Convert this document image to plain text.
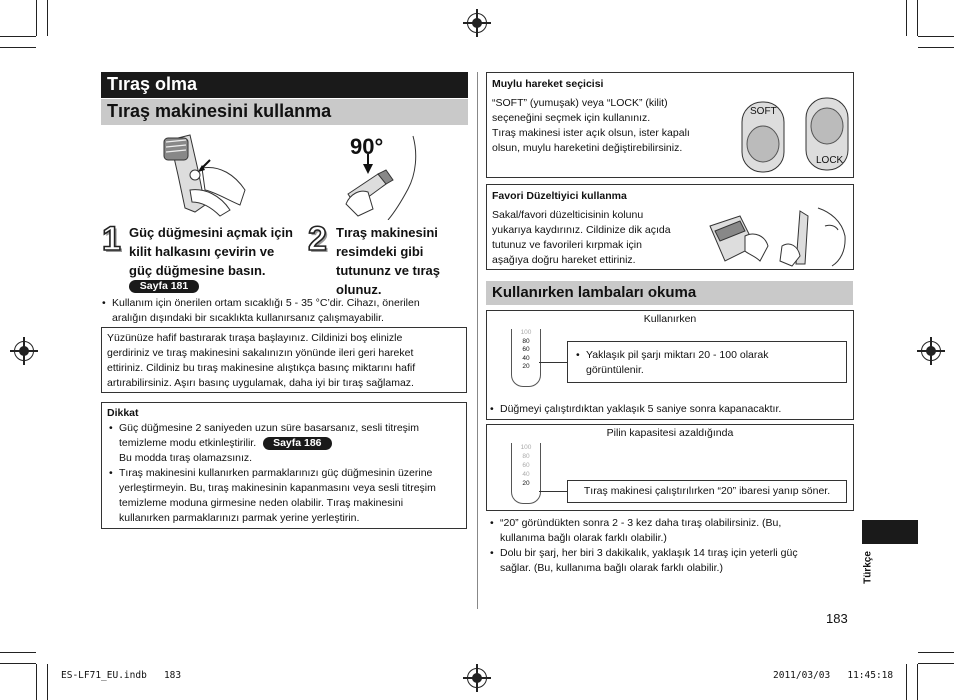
Tıraş olma
Tıraş makinesini kullanma
90°
1 Güç düğmesini açmak için
kilit halkasını çevirin ve
güç düğmesine basın.
Sayfa 181
2 Tıraş makinesini
resimdeki gibi
tutununz ve tıraş
olunuz.
• Kullanım için önerilen ortam sıcaklığı 5 - 35 °C’dir. Cihazı, önerilen
aralığın dışındaki bir sıcaklıkta kullanırsanız çalışmayabilir.
Yüzünüze hafif bastırarak tıraşa başlayınız. Cildinizi boş elinizle
gerdiriniz ve tıraş makinesini sakalınızın yönünde ileri geri hareket
ettiriniz. Cildiniz bu tıraş makinesine alıştıkça basınç miktarını hafif
artırabilirsiniz. Aşırı basınç uygulamak, daha iyi bir tıraş sağlamaz.
Dikkat
• Güç düğmesine 2 saniyeden uzun süre basarsanız, sesli titreşim
temizleme modu etkinleştirilir. Sayfa 186
Bu modda tıraş olamazsınız.
• Tıraş makinesini kullanırken parmaklarınızı güç düğmesinin üzerine
yerleştirmeyin. Bu, tıraş makinesinin kapanmasını veya sesli titreşim
temizleme moduna girmesine neden olabilir. Tıraş makinesini
kullanırken parmaklarınızı parmak yerine yerleştirin.
Muylu hareket seçicisi
“SOFT” (yumuşak) veya “LOCK” (kilit)
seçeneğini seçmek için kullanınız.
Tıraş makinesi ister açık olsun, ister kapalı
olsun, muylu hareketini değiştirebilirsiniz.
SOFT
LOCK
Favori Düzeltiyici kullanma
Sakal/favori düzelticisinin kolunu
yukarıya kaydırınız. Cildinize dik açıda
tutunuz ve favorileri kırpmak için
aşağıya doğru hareket ettiriniz.
Kullanırken lambaları okuma
Kullanırken
100
80
60
40
20
• Yaklaşık pil şarjı miktarı 20 - 100 olarak
görüntülenir.
• Düğmeyi çalıştırdıktan yaklaşık 5 saniye sonra kapanacaktır.
Pilin kapasitesi azaldığında
100
80
60
40
20
Tıraş makinesi çalıştırılırken “20” ibaresi yanıp söner.
• “20” göründükten sonra 2 - 3 kez daha tıraş olabilirsiniz. (Bu,
kullanıma bağlı olarak farklı olabilir.)
• Dolu bir şarj, her biri 3 dakikalık, yaklaşık 14 tıraş için yeterli güç
sağlar. (Bu, kullanıma bağlı olarak farklı olabilir.)	Türkçe
183
ES-LF71_EU.indb   183	2011/03/03   11:45:18
